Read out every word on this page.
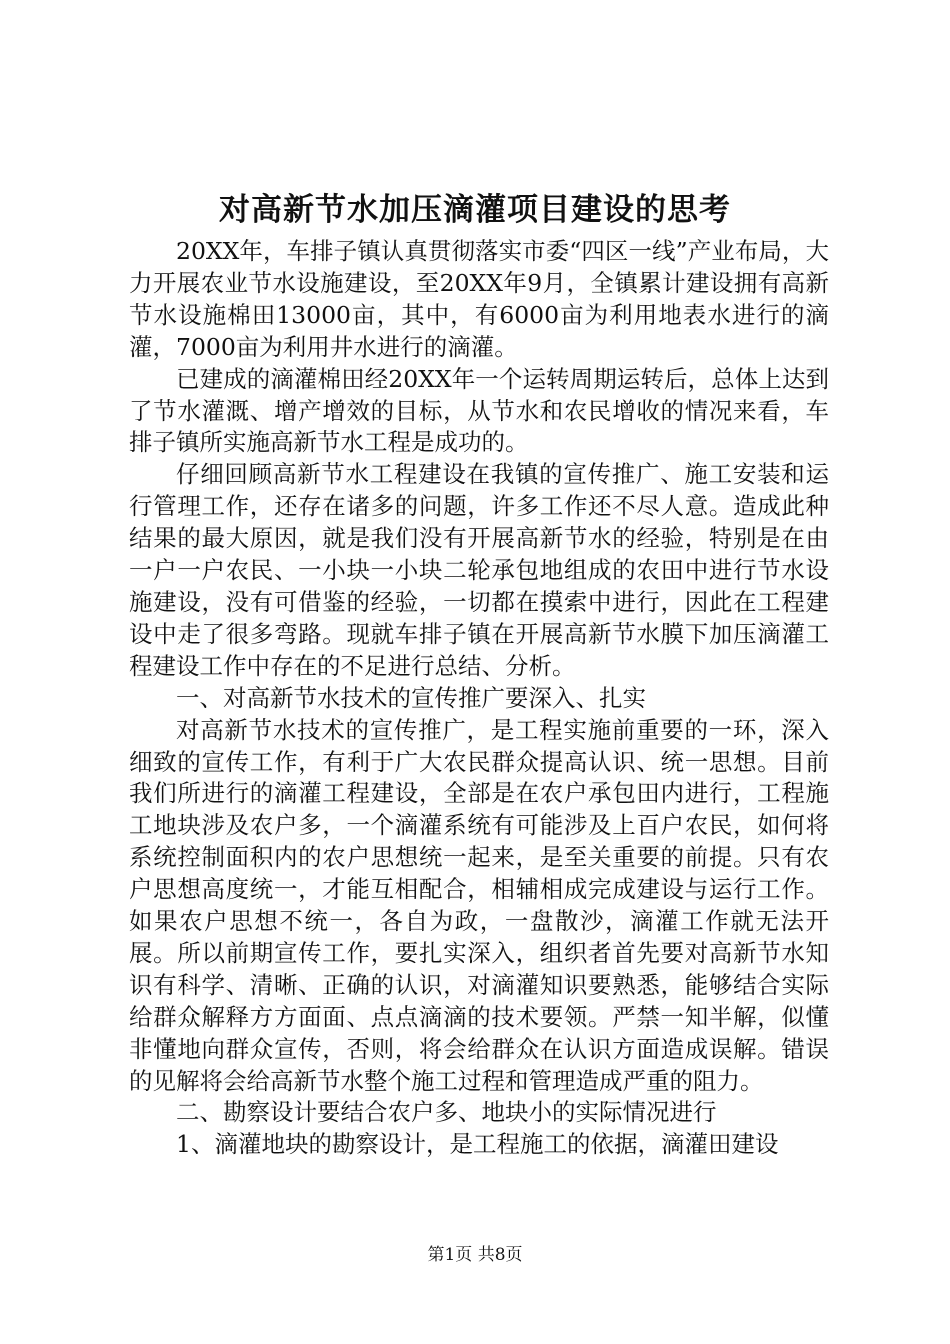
对高新节水加压滴灌项目建设的思考

20XX年，车排子镇认真贯彻落实市委“四区一线”产业布局，大力开展农业节水设施建设，至20XX年9月，全镇累计建设拥有高新节水设施棉田13000亩，其中，有6000亩为利用地表水进行的滴灌，7000亩为利用井水进行的滴灌。

已建成的滴灌棉田经20XX年一个运转周期运转后，总体上达到了节水灌溉、增产增效的目标，从节水和农民增收的情况来看，车排子镇所实施高新节水工程是成功的。

仔细回顾高新节水工程建设在我镇的宣传推广、施工安装和运行管理工作，还存在诸多的问题，许多工作还不尽人意。造成此种结果的最大原因，就是我们没有开展高新节水的经验，特别是在由一户一户农民、一小块一小块二轮承包地组成的农田中进行节水设施建设，没有可借鉴的经验，一切都在摸索中进行，因此在工程建设中走了很多弯路。现就车排子镇在开展高新节水膜下加压滴灌工程建设工作中存在的不足进行总结、分析。

一、对高新节水技术的宣传推广要深入、扎实

对高新节水技术的宣传推广，是工程实施前重要的一环，深入细致的宣传工作，有利于广大农民群众提高认识、统一思想。目前我们所进行的滴灌工程建设，全部是在农户承包田内进行，工程施工地块涉及农户多，一个滴灌系统有可能涉及上百户农民，如何将系统控制面积内的农户思想统一起来，是至关重要的前提。只有农户思想高度统一，才能互相配合，相辅相成完成建设与运行工作。如果农户思想不统一，各自为政，一盘散沙，滴灌工作就无法开展。所以前期宣传工作，要扎实深入，组织者首先要对高新节水知识有科学、清晰、正确的认识，对滴灌知识要熟悉，能够结合实际给群众解释方方面面、点点滴滴的技术要领。严禁一知半解，似懂非懂地向群众宣传，否则，将会给群众在认识方面造成误解。错误的见解将会给高新节水整个施工过程和管理造成严重的阻力。

二、勘察设计要结合农户多、地块小的实际情况进行

1、滴灌地块的勘察设计，是工程施工的依据，滴灌田建设

第1页 共8页
